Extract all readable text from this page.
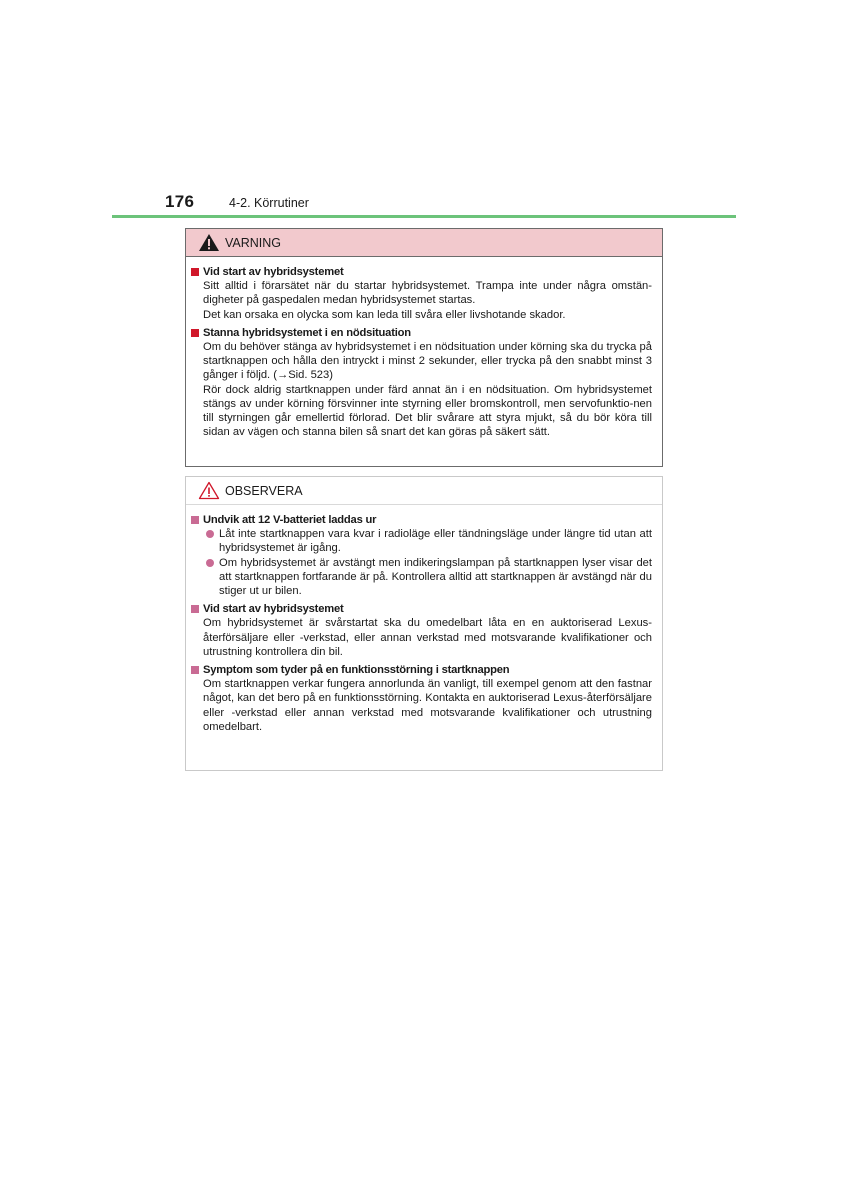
176	4-2. Körrutiner
VARNING
Vid start av hybridsystemet
Sitt alltid i förarsätet när du startar hybridsystemet. Trampa inte under några omstän-digheter på gaspedalen medan hybridsystemet startas.
Det kan orsaka en olycka som kan leda till svåra eller livshotande skador.
Stanna hybridsystemet i en nödsituation
Om du behöver stänga av hybridsystemet i en nödsituation under körning ska du trycka på startknappen och hålla den intryckt i minst 2 sekunder, eller trycka på den snabbt minst 3 gånger i följd. (→Sid. 523)
Rör dock aldrig startknappen under färd annat än i en nödsituation. Om hybridsystemet stängs av under körning försvinner inte styrning eller bromskontroll, men servofunktio-nen till styrningen går emellertid förlorad. Det blir svårare att styra mjukt, så du bör köra till sidan av vägen och stanna bilen så snart det kan göras på säkert sätt.
OBSERVERA
Undvik att 12 V-batteriet laddas ur
Låt inte startknappen vara kvar i radioläge eller tändningsläge under längre tid utan att hybridsystemet är igång.
Om hybridsystemet är avstängt men indikeringslampan på startknappen lyser visar det att startknappen fortfarande är på. Kontrollera alltid att startknappen är avstängd när du stiger ut ur bilen.
Vid start av hybridsystemet
Om hybridsystemet är svårstartat ska du omedelbart låta en en auktoriserad Lexus-återförsäljare eller -verkstad, eller annan verkstad med motsvarande kvalifikationer och utrustning kontrollera din bil.
Symptom som tyder på en funktionsstörning i startknappen
Om startknappen verkar fungera annorlunda än vanligt, till exempel genom att den fastnar något, kan det bero på en funktionsstörning. Kontakta en auktoriserad Lexus-återförsäljare eller -verkstad eller annan verkstad med motsvarande kvalifikationer och utrustning omedelbart.
